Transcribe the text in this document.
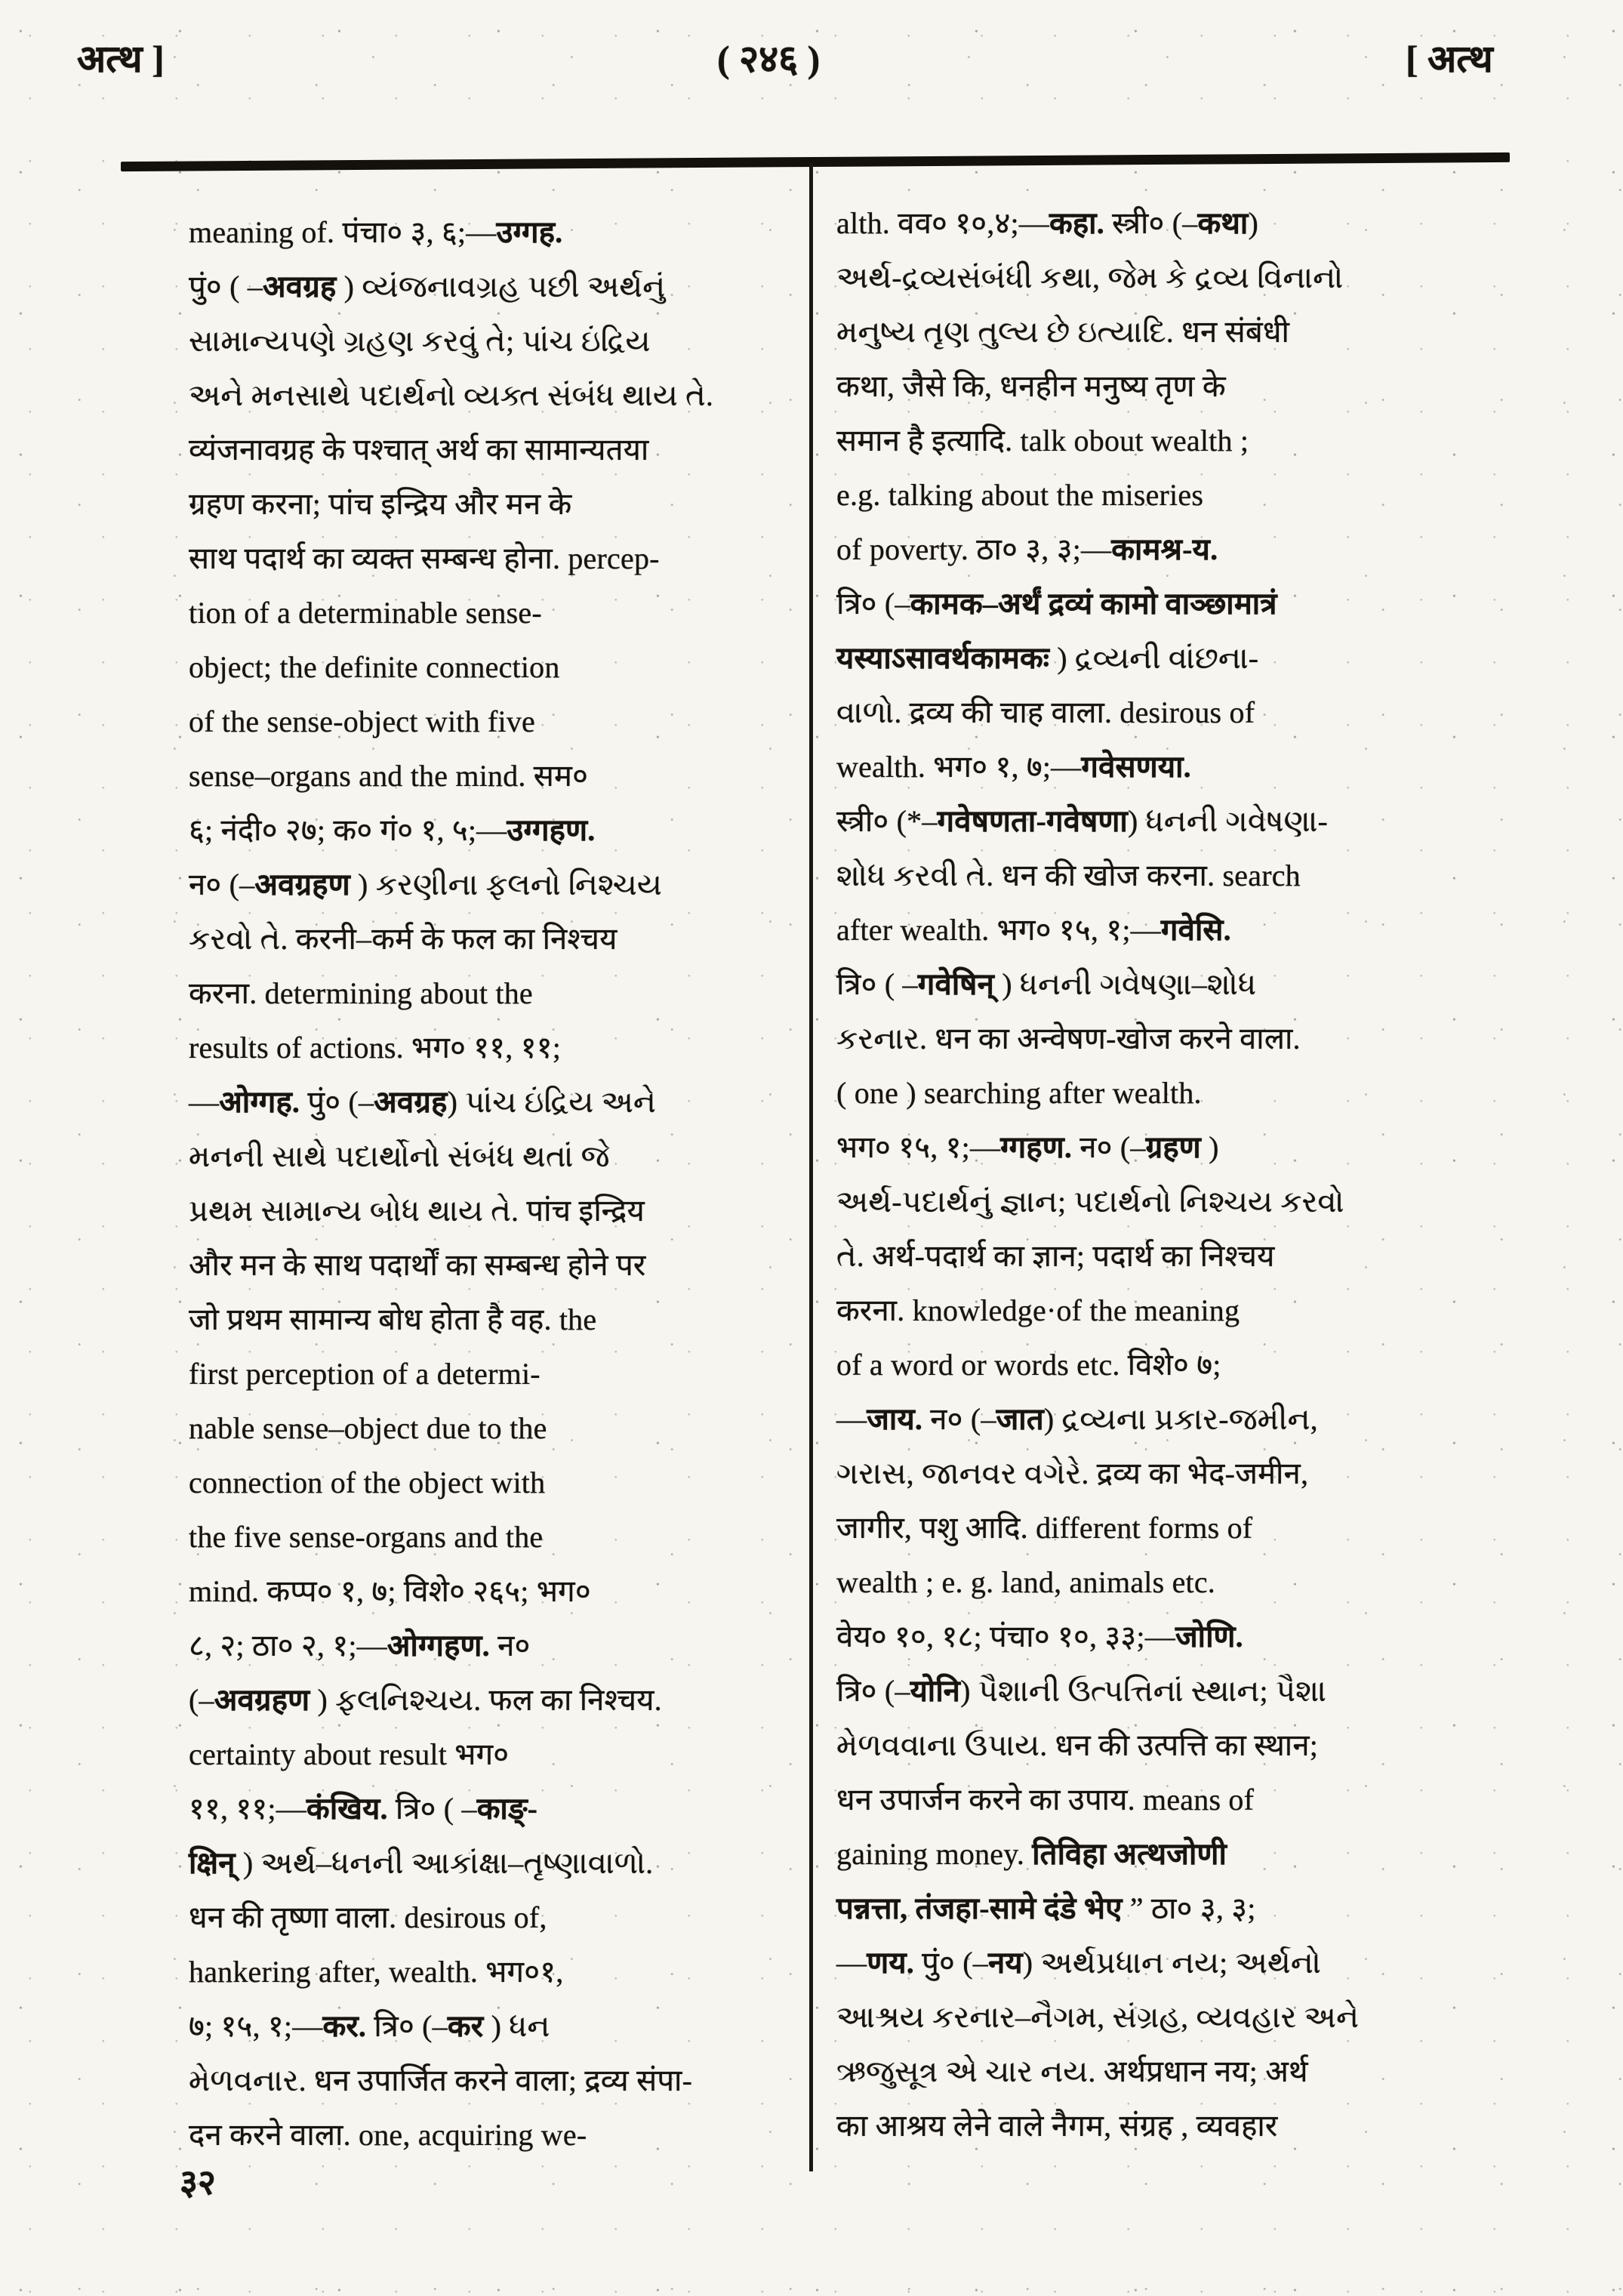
अत्थ ]	( २४६ )	[ अत्थ
meaning of. पंचा० ३, ६;—उग्गह.
पुं० ( –अवग्रह ) વ્યંજનાવગ્રહ પછી અર્થનું
સામાન્યપણે ગ્રહણ કરવું તે; પાંચ ઇંદ્રિય
અને મનસાથે પદાર્થનો વ્યક્ત સંબંધ થાય તે.
व्यंजनावग्रह के पश्चात् अर्थ का सामान्यतया
ग्रहण करना; पांच इन्द्रिय और मन के
साथ पदार्थ का व्यक्त सम्बन्ध होना. percep-
tion of a determinable sense-
object; the definite connection
of the sense-object with five
sense–organs and the mind. सम०
६; नंदी० २७; क० गं० १, ५;—उग्गहण.
न० (–अवग्रहण ) કરણીના ફલનો નિશ્ચય
કરવો તે. करनी–कर्म के फल का निश्चय
करना. determining about the
results of actions. भग० ११, ११;
—ओग्गह. पुं० (–अवग्रह) પાંચ ઇંદ્રિય અને
મનની સાથે પદાર્થોનો સંબંધ થતાં જે
પ્રથમ સામાન્ય બોધ થાય તે. पांच इन्द्रिय
और मन के साथ पदार्थों का सम्बन्ध होने पर
जो प्रथम सामान्य बोध होता है वह. the
first perception of a determi-
nable sense–object due to the
connection of the object with
the five sense-organs and the
mind. कप्प० १, ७; विशे० २६५; भग०
८, २; ठा० २, १;—ओग्गहण. न०
(–अवग्रहण ) ફલનિશ્ચય. फल का निश्चय.
certainty about result भग०
११, ११;—कंखिय. त्रि० ( –काङ्-
क्षिन् ) અર્થ–ધનની આકાંક્ષા–તૃષ્ણાવાળો.
धन की तृष्णा वाला. desirous of,
hankering after, wealth. भग०१,
७; १५, १;—कर. त्रि० (–कर ) ધન
મેળવનાર. धन उपार्जित करने वाला; द्रव्य संपा-
दन करने वाला. one, acquiring we-
alth. वव० १०,४;—कहा. स्त्री० (–कथा)
અર્થ-દ્રવ્યસંબંધી કથા, જેમ કે દ્રવ્ય વિનાનો
મનુષ્ય તૃણ તુલ્ય છે ઇત્યાદિ. धन संबंधी
कथा, जैसे कि, धनहीन मनुष्य तृण के
समान है इत्यादि. talk obout wealth ;
e.g. talking about the miseries
of poverty. ठा० ३, ३;—कामश्र-य.
त्रि० (–कामक–अर्थं द्रव्यं कामो वाञ्छामात्रं
यस्याऽसावर्थकामकः ) દ્રવ્યની વાંછના-
વાળો. द्रव्य की चाह वाला. desirous of
wealth. भग० १, ७;—गवेसणया.
स्त्री० (*–गवेषणता-गवेषणा) ધનની ગવેષણા-
શોધ કરવી તે. धन की खोज करना. search
after wealth. भग० १५, १;—गवेसि.
त्रि० ( –गवेषिन् ) ધનની ગવેષણા–શોધ
કરનાર. धन का अन्वेषण-खोज करने वाला.
( one ) searching after wealth.
भग० १५, १;—ग्गहण. न० (–ग्रहण )
અર્થ-પદાર્થનું જ્ઞાન; પદાર્થનો નિશ્ચય કરવો
તે. अर्थ-पदार्थ का ज्ञान; पदार्थ का निश्चय
करना. knowledge·of the meaning
of a word or words etc. विशे० ७;
—जाय. न० (–जात) દ્રવ્યના પ્રકાર-જમીન,
ગરાસ, જાનવર વગેરે. द्रव्य का भेद-जमीन,
जागीर, पशु आदि. different forms of
wealth ; e. g. land, animals etc.
वेय० १०, १८; पंचा० १०, ३३;—जोणि.
त्रि० (–योनि) પૈશાની ઉત્પત્તિનાં સ્થાન; પૈશા
મેળવવાના ઉપાય. धन की उत्पत्ति का स्थान;
धन उपार्जन करने का उपाय. means of
gaining money. तिविहा अत्थजोणी
पन्नत्ता, तंजहा-सामे दंडे भेए ” ठा० ३, ३;
—णय. पुं० (–नय) અર્થપ્રધાન નય; અર્થનો
આશ્રય કરનાર–નૈગમ, સંગ્રહ, વ્યવહાર અને
ઋજુસૂત્ર એ ચાર નય. अर्थप्रधान नय; अर्थ
का आश्रय लेने वाले नैगम, संग्रह , व्यवहार
३२
